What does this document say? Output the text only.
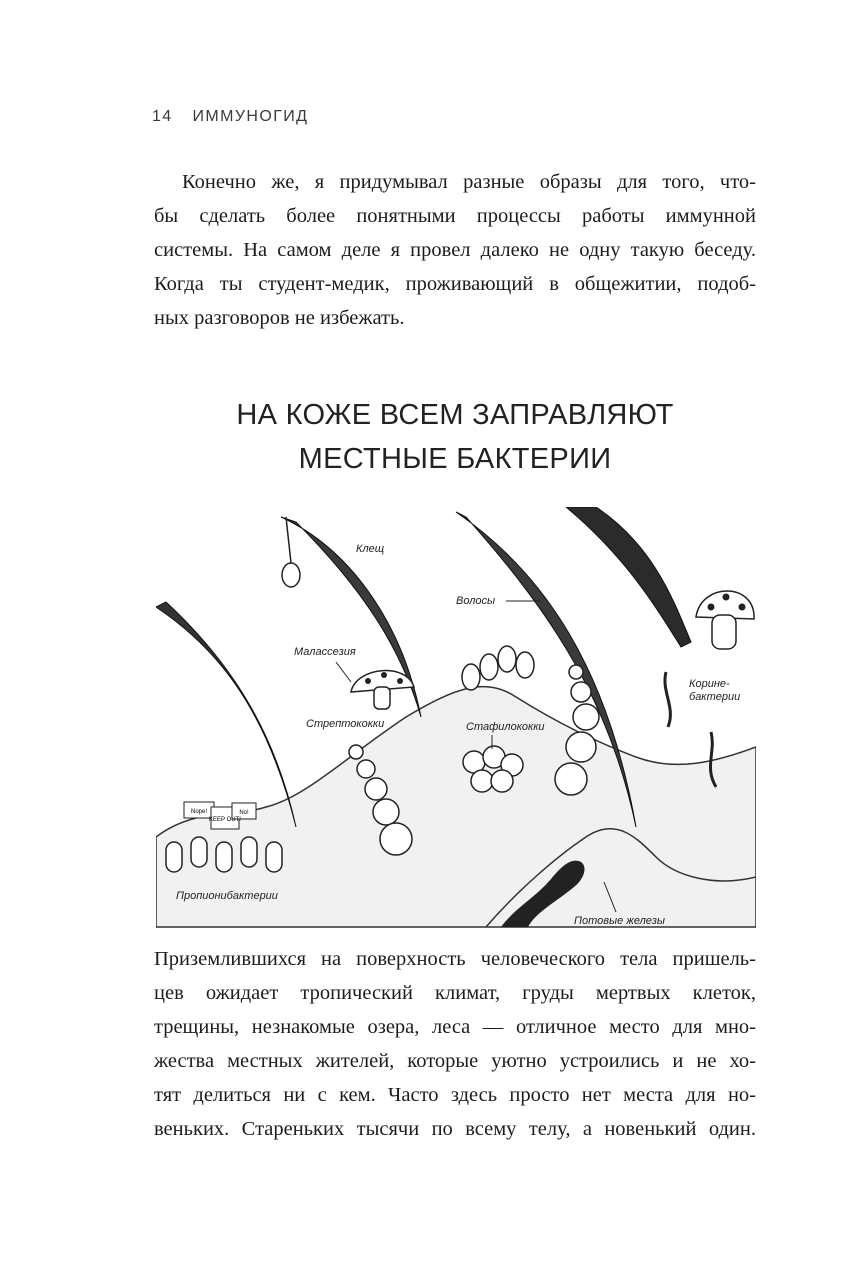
14 ИММУНОГИД
Конечно же, я придумывал разные образы для того, что-
бы сделать более понятными процессы работы иммунной
системы. На самом деле я провел далеко не одну такую беседу.
Когда ты студент-медик, проживающий в общежитии, подоб-
ных разговоров не избежать.
НА КОЖЕ ВСЕМ ЗАПРАВЛЯЮТ
МЕСТНЫЕ БАКТЕРИИ
Nope!
KEEP OUT!
No!
Клещ
Волосы
Малассезия
Корине-
бактерии
Стрептококки	Стафилококки
Пропионибактерии
Потовые железы
Приземлившихся на поверхность человеческого тела пришель-
цев ожидает тропический климат, груды мертвых клеток,
трещины, незнакомые озера, леса — отличное место для мно-
жества местных жителей, которые уютно устроились и не хо-
тят делиться ни с кем. Часто здесь просто нет места для но-
веньких. Стареньких тысячи по всему телу, а новенький один.
